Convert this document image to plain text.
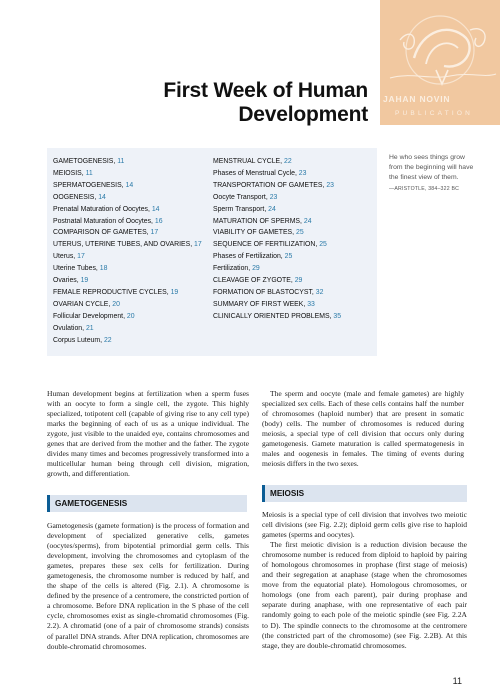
JAHAN NOVIN
PUBLICATION
First Week of Human
Development
GAMETOGENESIS, 11
MEIOSIS, 11
SPERMATOGENESIS, 14
OOGENESIS, 14
Prenatal Maturation of Oocytes, 14
Postnatal Maturation of Oocytes, 16
COMPARISON OF GAMETES, 17
UTERUS, UTERINE TUBES, AND OVARIES, 17
Uterus, 17
Uterine Tubes, 18
Ovaries, 19
FEMALE REPRODUCTIVE CYCLES, 19
OVARIAN CYCLE, 20
Follicular Development, 20
Ovulation, 21
Corpus Luteum, 22
MENSTRUAL CYCLE, 22
Phases of Menstrual Cycle, 23
TRANSPORTATION OF GAMETES, 23
Oocyte Transport, 23
Sperm Transport, 24
MATURATION OF SPERMS, 24
VIABILITY OF GAMETES, 25
SEQUENCE OF FERTILIZATION, 25
Phases of Fertilization, 25
Fertilization, 29
CLEAVAGE OF ZYGOTE, 29
FORMATION OF BLASTOCYST, 32
SUMMARY OF FIRST WEEK, 33
CLINICALLY ORIENTED PROBLEMS, 35
He who sees things grow from the beginning will have the finest view of them.
—ARISTOTLE, 384–322 BC

Human development begins at fertilization when a sperm fuses with an oocyte to form a single cell, the zygote. This highly specialized, totipotent cell (capable of giving rise to any cell type) marks the beginning of each of us as a unique individual. The zygote, just visible to the unaided eye, contains chromosomes and genes that are derived from the mother and the father. The zygote divides many times and becomes progressively transformed into a multicellular human being through cell division, migration, growth, and differentiation.

GAMETOGENESIS

Gametogenesis (gamete formation) is the process of formation and development of specialized generative cells, gametes (oocytes/sperms), from bipotential primordial germ cells. This development, involving the chromosomes and cytoplasm of the gametes, prepares these sex cells for fertilization. During gametogenesis, the chromosome number is reduced by half, and the shape of the cells is altered (Fig. 2.1). A chromosome is defined by the presence of a centromere, the constricted portion of a chromosome. Before DNA replication in the S phase of the cell cycle, chromosomes exist as single-chromatid chromosomes (Fig. 2.2). A chromatid (one of a pair of chromosome strands) consists of parallel DNA strands. After DNA replication, chromosomes are double-chromatid chromosomes.

The sperm and oocyte (male and female gametes) are highly specialized sex cells. Each of these cells contains half the number of chromosomes (haploid number) that are present in somatic (body) cells. The number of chromosomes is reduced during meiosis, a special type of cell division that occurs only during gametogenesis. Gamete maturation is called spermatogenesis in males and oogenesis in females. The timing of events during meiosis differs in the two sexes.

MEIOSIS

Meiosis is a special type of cell division that involves two meiotic cell divisions (see Fig. 2.2); diploid germ cells give rise to haploid gametes (sperms and oocytes).

The first meiotic division is a reduction division because the chromosome number is reduced from diploid to haploid by pairing of homologous chromosomes in prophase (first stage of meiosis) and their segregation at anaphase (stage when the chromosomes move from the equatorial plate). Homologous chromosomes, or homologs (one from each parent), pair during prophase and separate during anaphase, with one representative of each pair randomly going to each pole of the meiotic spindle (see Fig. 2.2A to D). The spindle connects to the chromosome at the centromere (the constricted part of the chromosome) (see Fig. 2.2B). At this stage, they are double-chromatid chromosomes.

11
